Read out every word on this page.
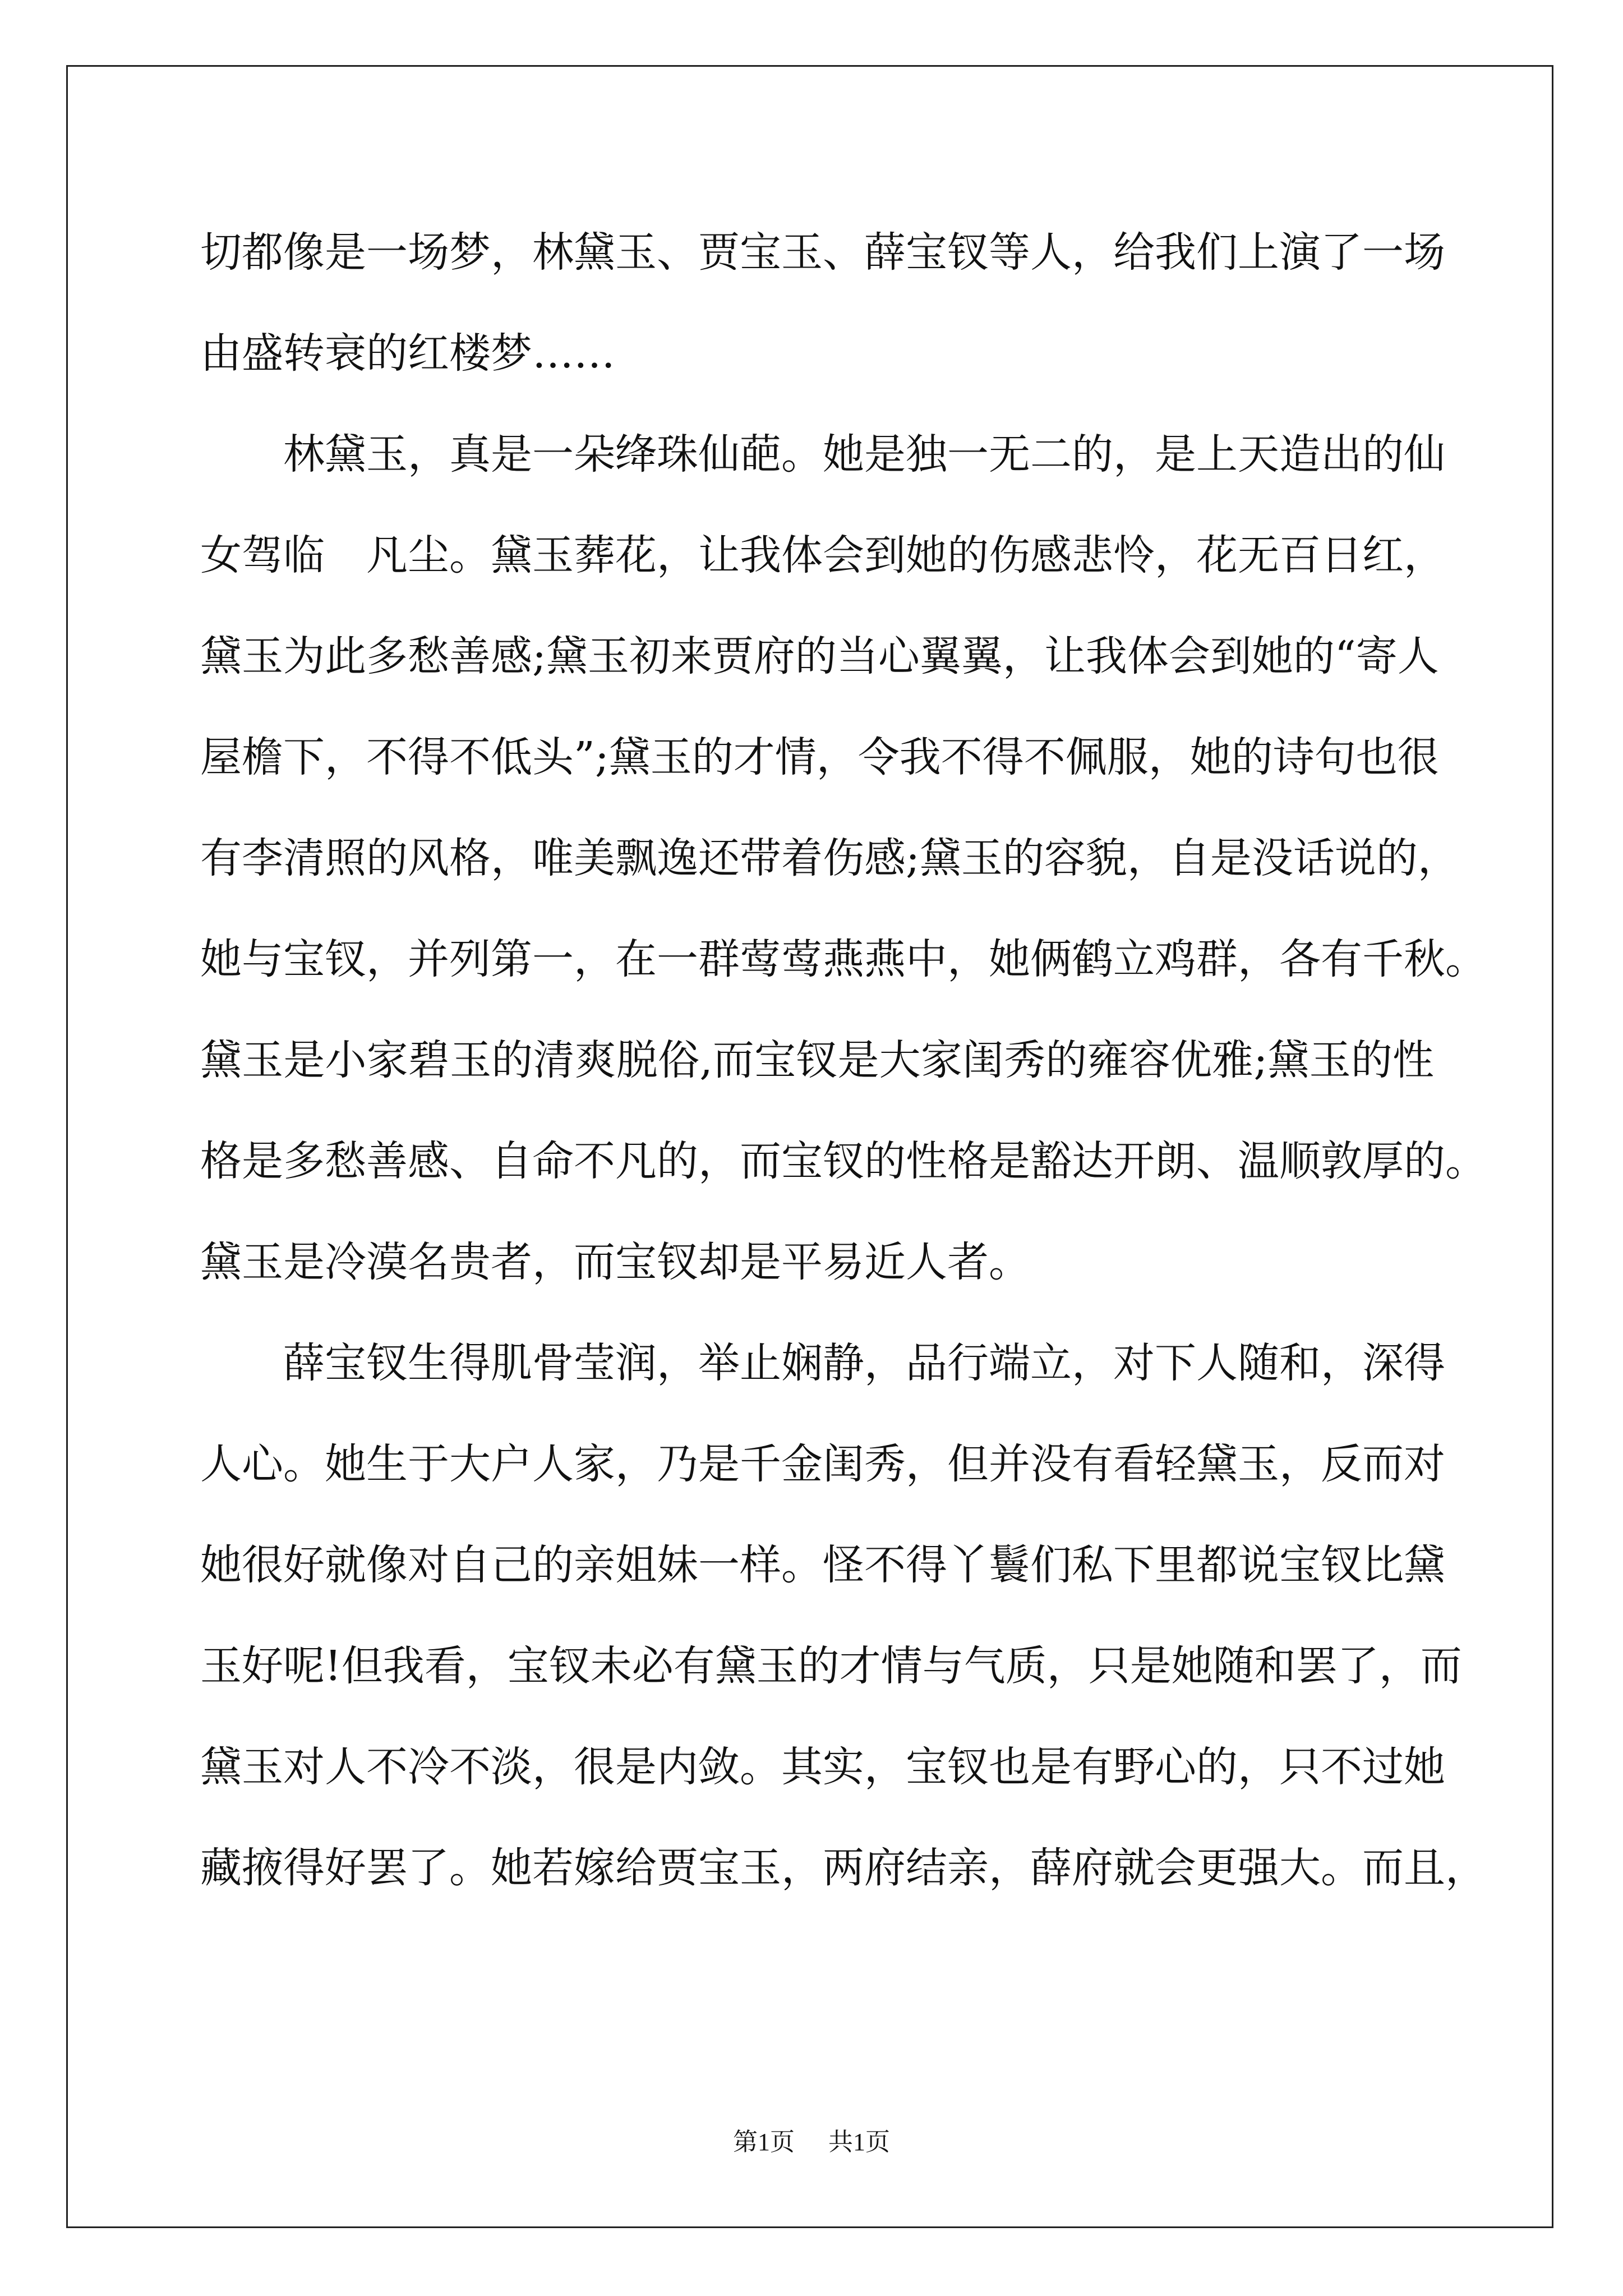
切都像是一场梦，林黛玉、贾宝玉、薛宝钗等人，给我们上演了一场
由盛转衰的红楼梦……
林黛玉，真是一朵绛珠仙葩。她是独一无二的，是上天造出的仙
女驾临　凡尘。黛玉葬花，让我体会到她的伤感悲怜，花无百日红，
黛玉为此多愁善感;黛玉初来贾府的当心翼翼，让我体会到她的“寄人
屋檐下，不得不低头”;黛玉的才情，令我不得不佩服，她的诗句也很
有李清照的风格，唯美飘逸还带着伤感;黛玉的容貌，自是没话说的，
她与宝钗，并列第一，在一群莺莺燕燕中，她俩鹤立鸡群，各有千秋。
黛玉是小家碧玉的清爽脱俗,而宝钗是大家闺秀的雍容优雅;黛玉的性
格是多愁善感、自命不凡的，而宝钗的性格是豁达开朗、温顺敦厚的。
黛玉是冷漠名贵者，而宝钗却是平易近人者。
薛宝钗生得肌骨莹润，举止娴静，品行端立，对下人随和，深得
人心。她生于大户人家，乃是千金闺秀，但并没有看轻黛玉，反而对
她很好就像对自己的亲姐妹一样。怪不得丫鬟们私下里都说宝钗比黛
玉好呢!但我看，宝钗未必有黛玉的才情与气质，只是她随和罢了，而
黛玉对人不冷不淡，很是内敛。其实，宝钗也是有野心的，只不过她
藏掖得好罢了。她若嫁给贾宝玉，两府结亲，薛府就会更强大。而且，
第1页 共1页
